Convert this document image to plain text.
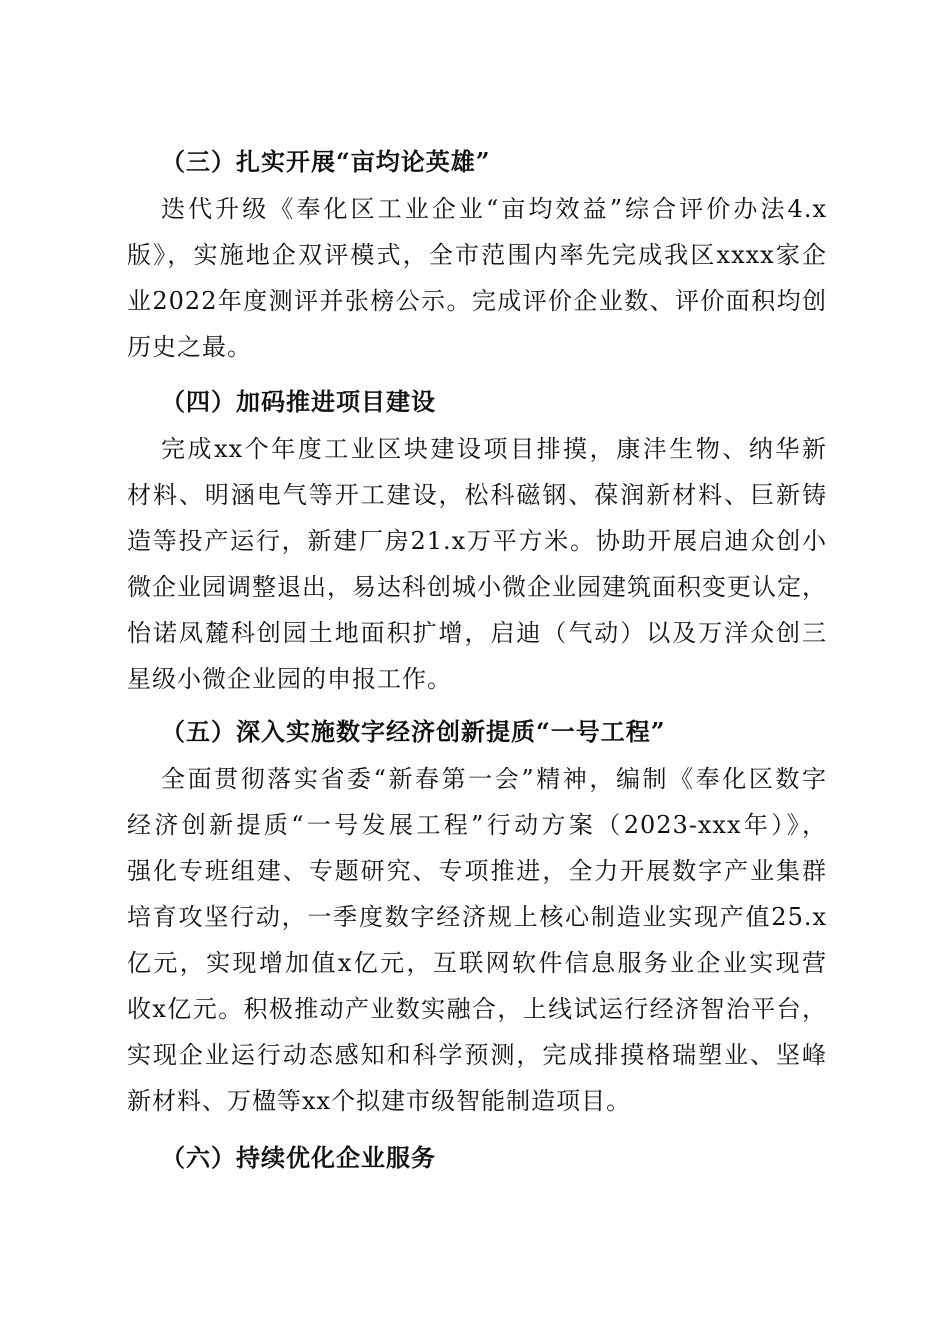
（三）扎实开展“亩均论英雄”
迭代升级《奉化区工业企业“亩均效益”综合评价办法4.x
版》，实施地企双评模式，全市范围内率先完成我区xxxx家企
业2022年度测评并张榜公示。完成评价企业数、评价面积均创
历史之最。
（四）加码推进项目建设
完成xx个年度工业区块建设项目排摸，康沣生物、纳华新
材料、明涵电气等开工建设，松科磁钢、葆润新材料、巨新铸
造等投产运行，新建厂房21.x万平方米。协助开展启迪众创小
微企业园调整退出，易达科创城小微企业园建筑面积变更认定，
怡诺凤麓科创园土地面积扩增，启迪（气动）以及万洋众创三
星级小微企业园的申报工作。
（五）深入实施数字经济创新提质“一号工程”
全面贯彻落实省委“新春第一会”精神，编制《奉化区数字
经济创新提质“一号发展工程”行动方案（2023-xxx年）》，
强化专班组建、专题研究、专项推进，全力开展数字产业集群
培育攻坚行动，一季度数字经济规上核心制造业实现产值25.x
亿元，实现增加值x亿元，互联网软件信息服务业企业实现营
收x亿元。积极推动产业数实融合，上线试运行经济智治平台，
实现企业运行动态感知和科学预测，完成排摸格瑞塑业、坚峰
新材料、万楹等xx个拟建市级智能制造项目。
（六）持续优化企业服务
